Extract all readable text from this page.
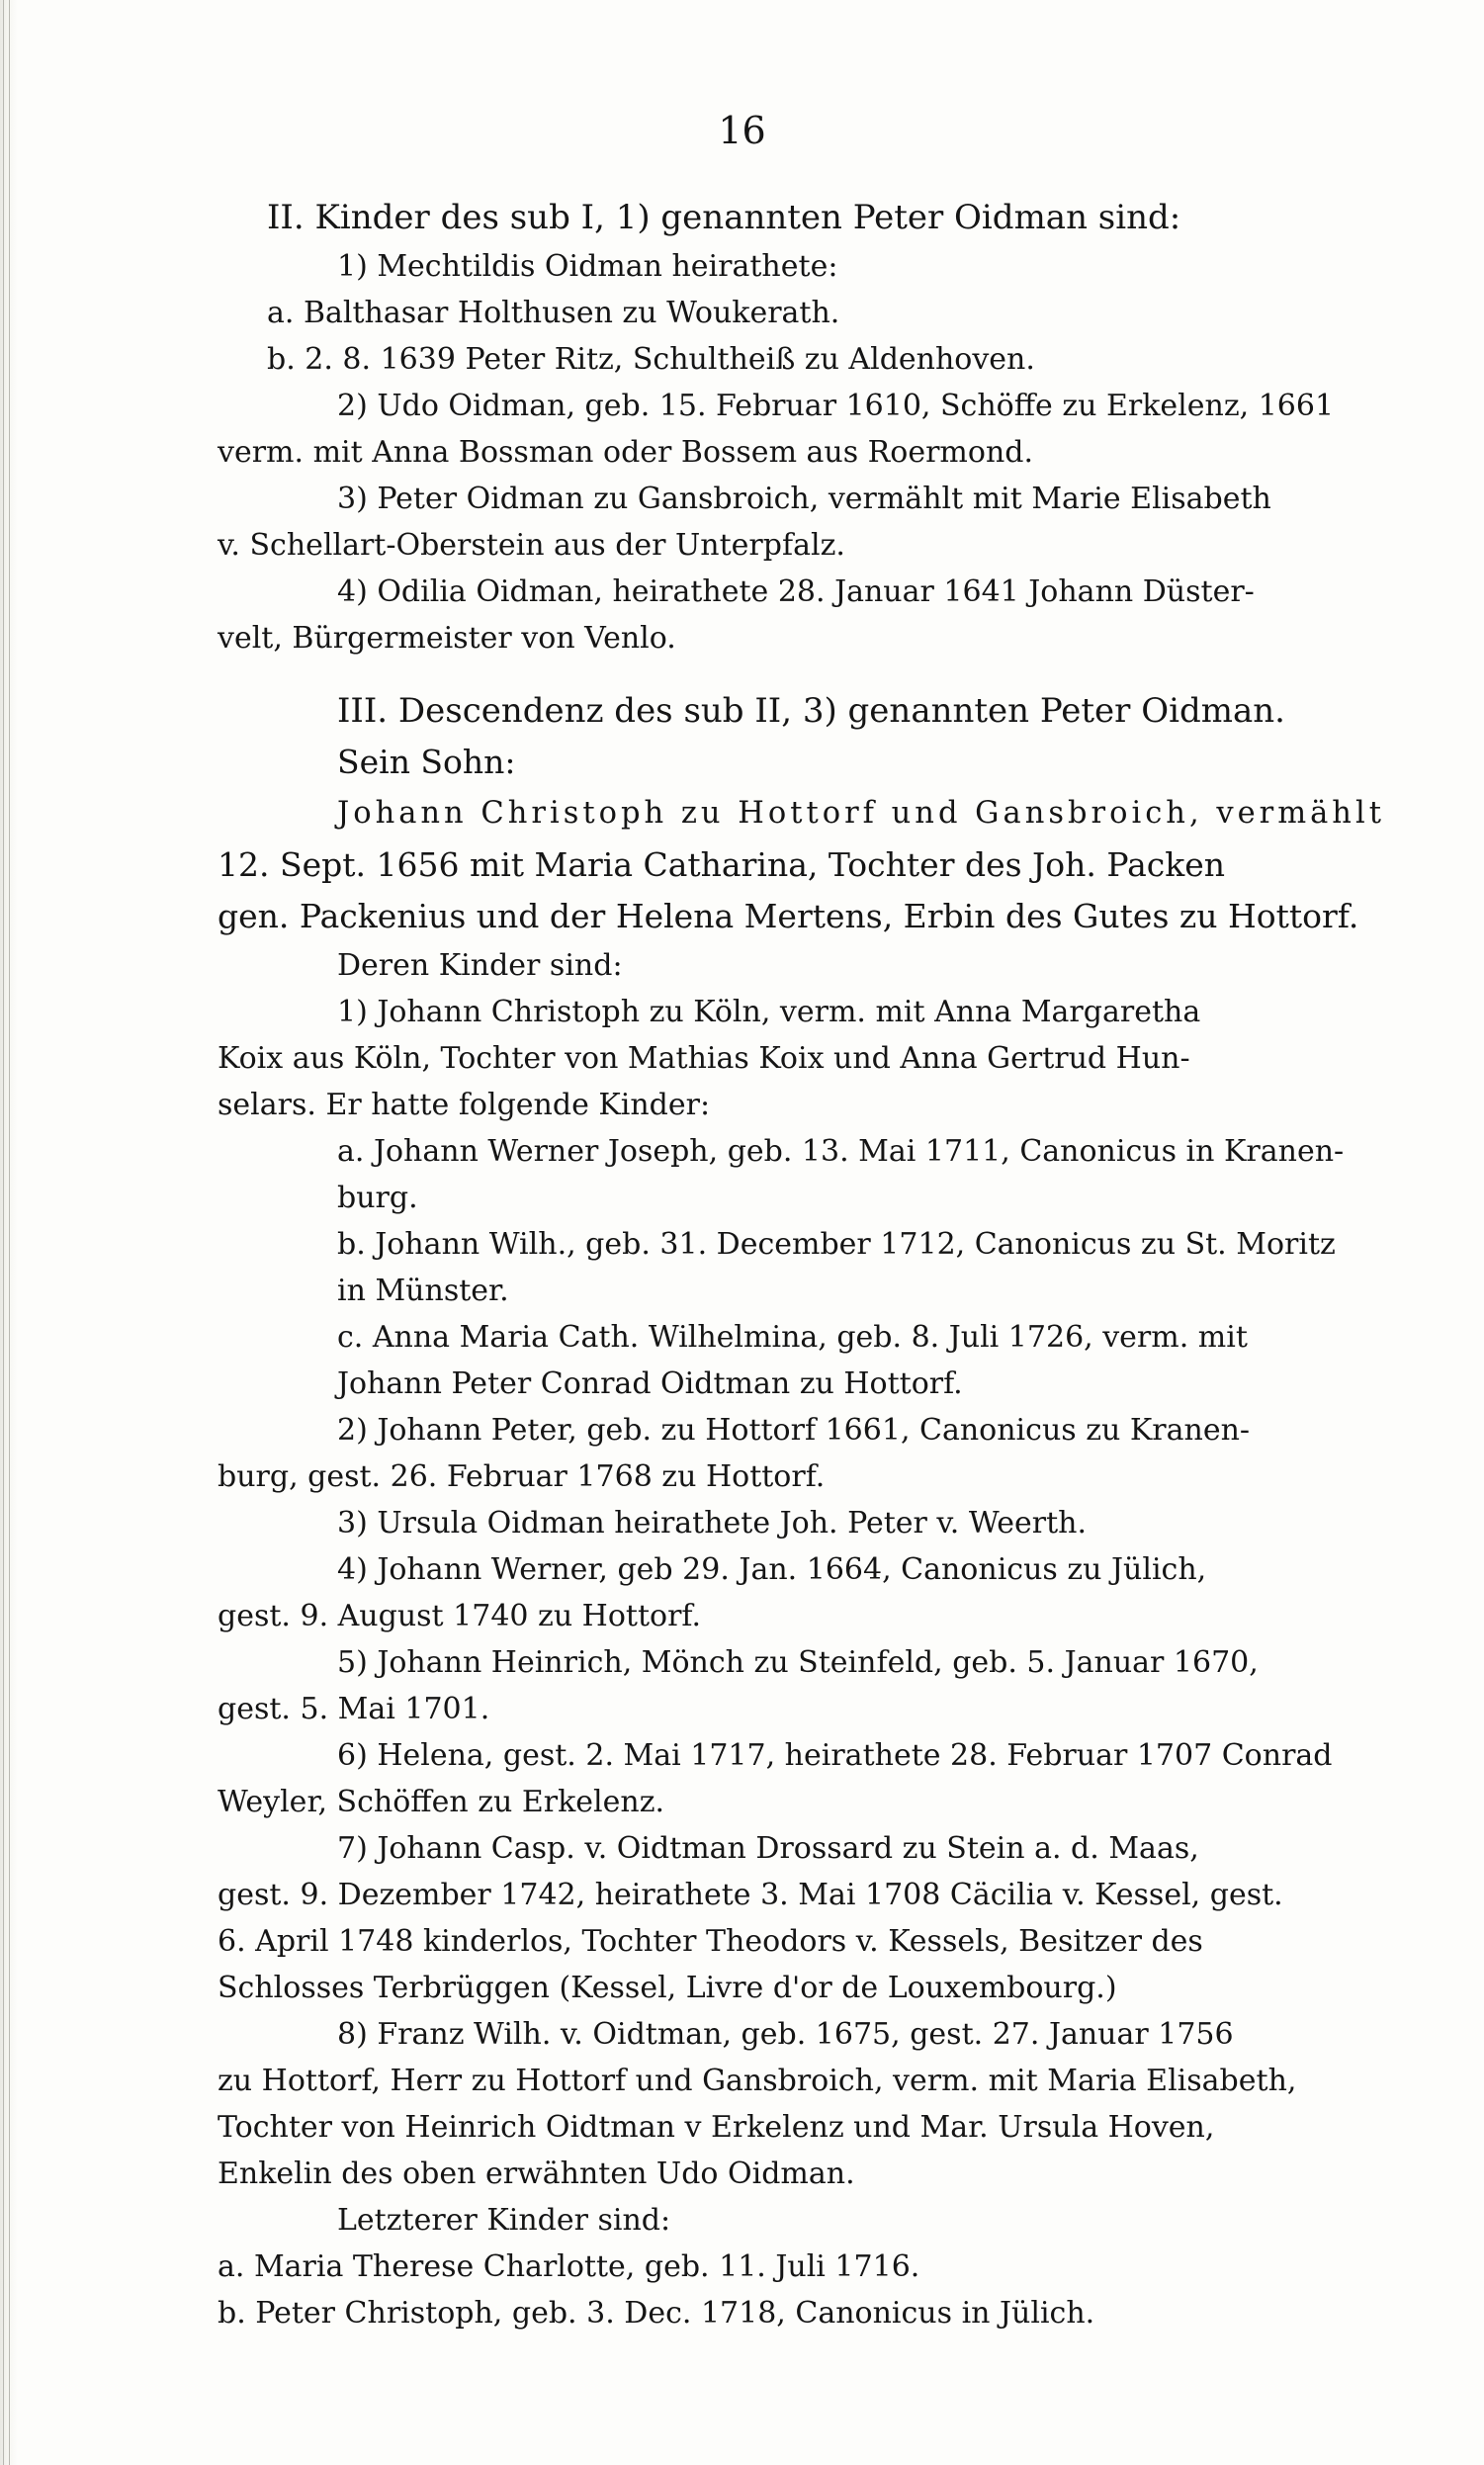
16

II. Kinder des sub I, 1) genannten Peter Oidman sind:

1) Mechtildis Oidman heirathete:

a. Balthasar Holthusen zu Woukerath.

b. 2. 8. 1639 Peter Ritz, Schultheiß zu Aldenhoven.

2) Udo Oidman, geb. 15. Februar 1610, Schöffe zu Erkelenz, 1661

verm. mit Anna Bossman oder Bossem aus Roermond.

3) Peter Oidman zu Gansbroich, vermählt mit Marie Elisabeth

v. Schellart-Oberstein aus der Unterpfalz.

4) Odilia Oidman, heirathete 28. Januar 1641 Johann Düster-

velt, Bürgermeister von Venlo.

III. Descendenz des sub II, 3) genannten Peter Oidman.

Sein Sohn:

Johann Christoph zu Hottorf und Gansbroich, vermählt

12. Sept. 1656 mit Maria Catharina, Tochter des Joh. Packen

gen. Packenius und der Helena Mertens, Erbin des Gutes zu Hottorf.

Deren Kinder sind:

1) Johann Christoph zu Köln, verm. mit Anna Margaretha

Koix aus Köln, Tochter von Mathias Koix und Anna Gertrud Hun-

selars. Er hatte folgende Kinder:

a. Johann Werner Joseph, geb. 13. Mai 1711, Canonicus in Kranen-

burg.

b. Johann Wilh., geb. 31. December 1712, Canonicus zu St. Moritz

in Münster.

c. Anna Maria Cath. Wilhelmina, geb. 8. Juli 1726, verm. mit

Johann Peter Conrad Oidtman zu Hottorf.

2) Johann Peter, geb. zu Hottorf 1661, Canonicus zu Kranen-

burg, gest. 26. Februar 1768 zu Hottorf.

3) Ursula Oidman heirathete Joh. Peter v. Weerth.

4) Johann Werner, geb 29. Jan. 1664, Canonicus zu Jülich,

gest. 9. August 1740 zu Hottorf.

5) Johann Heinrich, Mönch zu Steinfeld, geb. 5. Januar 1670,

gest. 5. Mai 1701.

6) Helena, gest. 2. Mai 1717, heirathete 28. Februar 1707 Conrad

Weyler, Schöffen zu Erkelenz.

7) Johann Casp. v. Oidtman Drossard zu Stein a. d. Maas,

gest. 9. Dezember 1742, heirathete 3. Mai 1708 Cäcilia v. Kessel, gest.

6. April 1748 kinderlos, Tochter Theodors v. Kessels, Besitzer des

Schlosses Terbrüggen (Kessel, Livre d'or de Louxembourg.)

8) Franz Wilh. v. Oidtman, geb. 1675, gest. 27. Januar 1756

zu Hottorf, Herr zu Hottorf und Gansbroich, verm. mit Maria Elisabeth,

Tochter von Heinrich Oidtman v Erkelenz und Mar. Ursula Hoven,

Enkelin des oben erwähnten Udo Oidman.

Letzterer Kinder sind:

a. Maria Therese Charlotte, geb. 11. Juli 1716.

b. Peter Christoph, geb. 3. Dec. 1718, Canonicus in Jülich.
